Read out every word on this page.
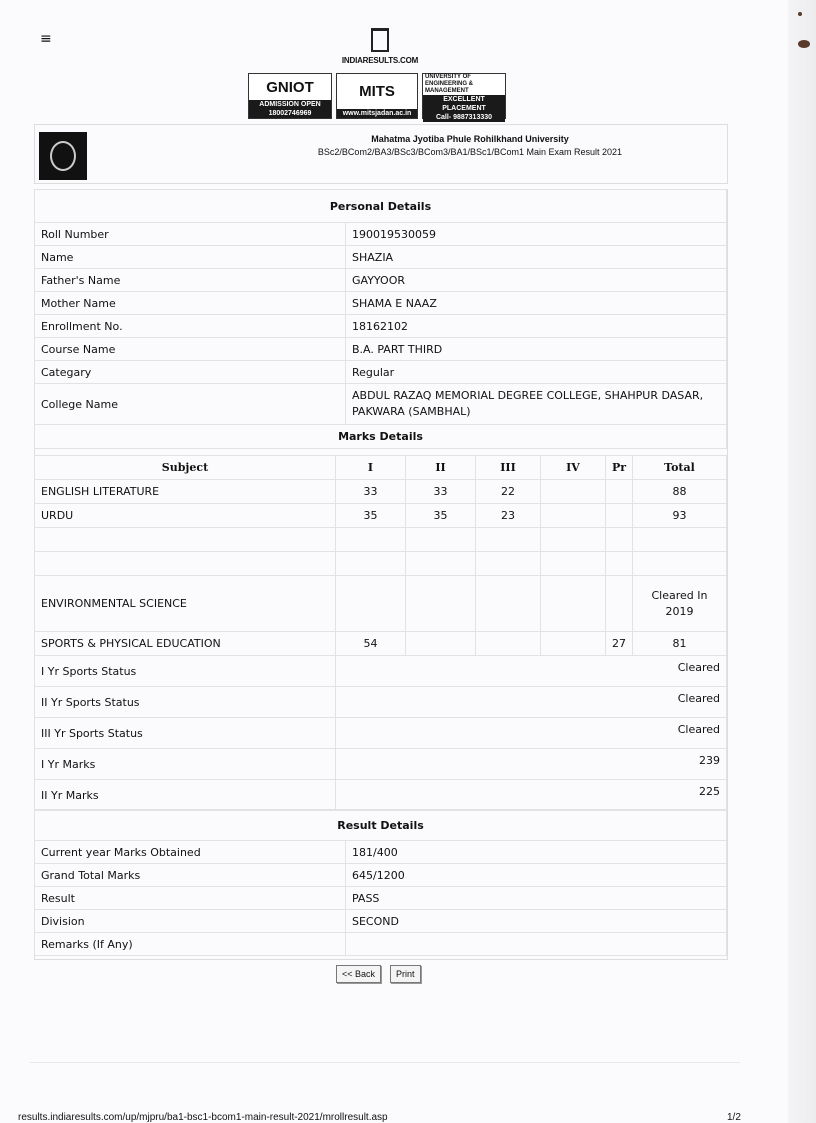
≡
INDIARESULTS.COM
GNIOT
ADMISSION OPEN
18002746969
MITS
www.mitsjadan.ac.in
UNIVERSITY OF ENGINEERING & MANAGEMENT
EXCELLENT PLACEMENT
Call- 9887313330
Mahatma Jyotiba Phule Rohilkhand University
BSc2/BCom2/BA3/BSc3/BCom3/BA1/BSc1/BCom1 Main Exam Result 2021
Personal Details	
Roll Number	190019530059
Name	SHAZIA
Father's Name	GAYYOOR
Mother Name	SHAMA E NAAZ
Enrollment No.	18162102
Course Name	B.A. PART THIRD
Categary	Regular
College Name	ABDUL RAZAQ MEMORIAL DEGREE COLLEGE, SHAHPUR DASAR, PAKWARA (SAMBHAL)
Marks Details	
Subject	I	II	III	IV	Pr	Total
ENGLISH LITERATURE	33	33	22			88
URDU	35	35	23			93

ENVIRONMENTAL SCIENCE						Cleared In 2019
SPORTS & PHYSICAL EDUCATION	54				27	81
I Yr Sports Status	Cleared					
II Yr Sports Status	Cleared					
III Yr Sports Status	Cleared					
I Yr Marks	239					
II Yr Marks	225					
Result Details	
Current year Marks Obtained	181/400
Grand Total Marks	645/1200
Result	PASS
Division	SECOND
Remarks (If Any)	
<< Back	Print
results.indiaresults.com/up/mjpru/ba1-bsc1-bcom1-main-result-2021/mrollresult.asp	1/2
